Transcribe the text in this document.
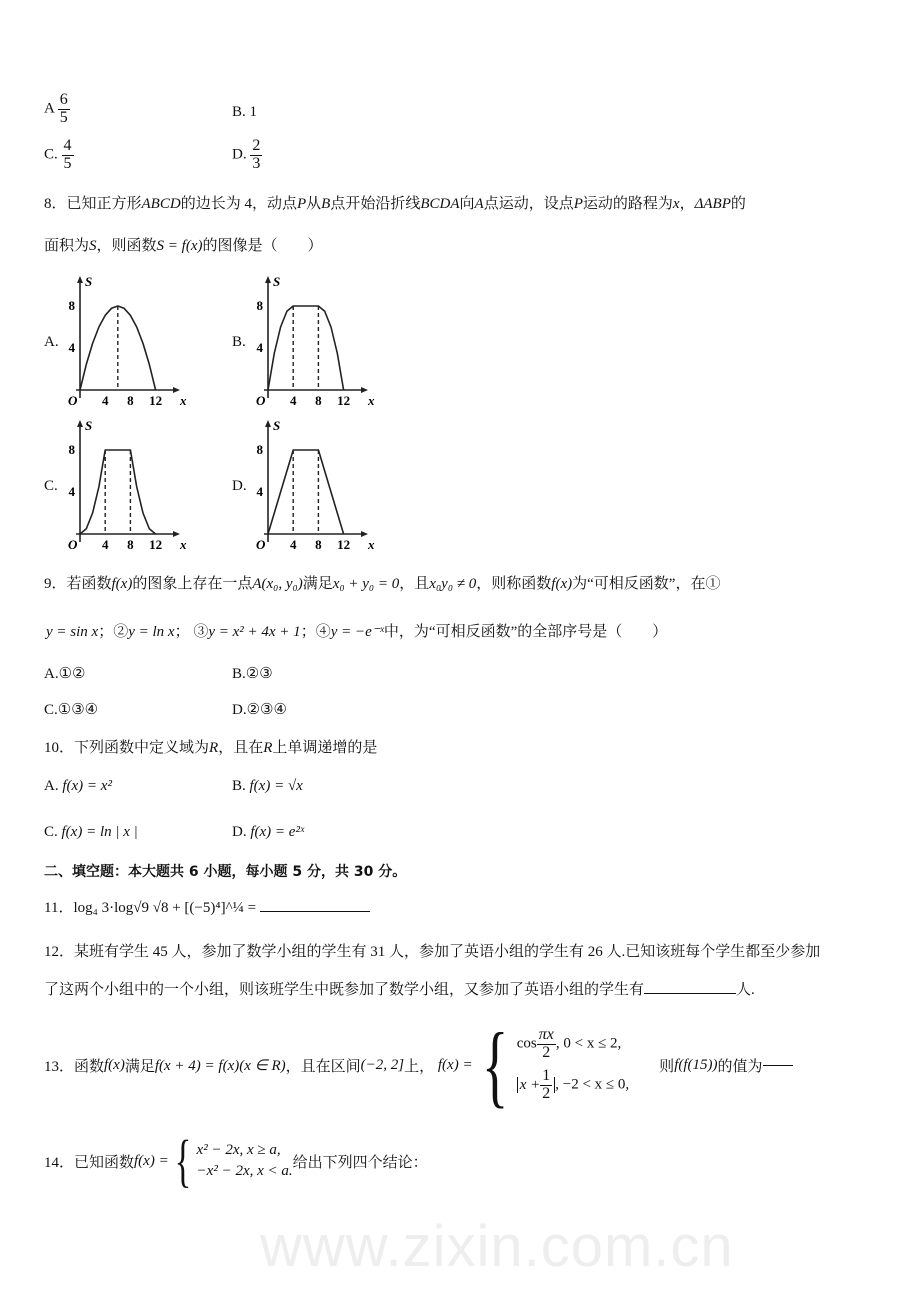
www.zixin.com.cn
A $\frac{6}{5}$	B. 1
C. $\frac{4}{5}$	D. $\frac{2}{3}$
8．已知正方形ABCD的边长为 4，动点P从B点开始沿折线BCDA向A点运动，设点P运动的路程为x，ΔABP的
面积为S，则函数S = f(x)的图像是（　　）
A.
4 8 12
4
8
O	x
S
B.
4 8 12
4
8
O	x
S
C.
4 8 12
4
8
O	x
S
D.
4 8 12
4
8
O	x
S
9．若函数f(x)的图象上存在一点A(x₀, y₀)满足x₀ + y₀ = 0，且x₀y₀ ≠ 0，则称函数f(x)为“可相反函数”，在①
y = sin x；②y = ln x； ③y = x² + 4x + 1；④y = −e⁻ˣ中，为“可相反函数”的全部序号是（　　）
A.①②	B.②③
C.①③④	D.②③④
10．下列函数中定义域为R，且在R上单调递增的是
A. f(x) = x²	B. f(x) = √x
C. f(x) = ln | x |	D. f(x) = e²ˣ
二、填空题：本大题共 6 小题，每小题 5 分，共 30 分。
11．log₄ 3·log√9 √8 + [(−5)⁴]^¼ =
12．某班有学生 45 人，参加了数学小组的学生有 31 人，参加了英语小组的学生有 26 人.已知该班每个学生都至少参加
了这两个小组中的一个小组，则该班学生中既参加了数学小组，又参加了英语小组的学生有	人.
13．函数 f(x) 满足 f(x + 4) = f(x)(x ∈ R) ，且在区间 (−2, 2] 上，
f(x) = { $\cos \frac{\pi x}{2}$ , 0 < x ≤ 2,
$x + \frac{1}{2}$ , −2 < x ≤ 0,
则 f(f(15)) 的值为
14．已知函数 f(x) = { x² − 2x, x ≥ a,
−x² − 2x, x < a.
给出下列四个结论：
